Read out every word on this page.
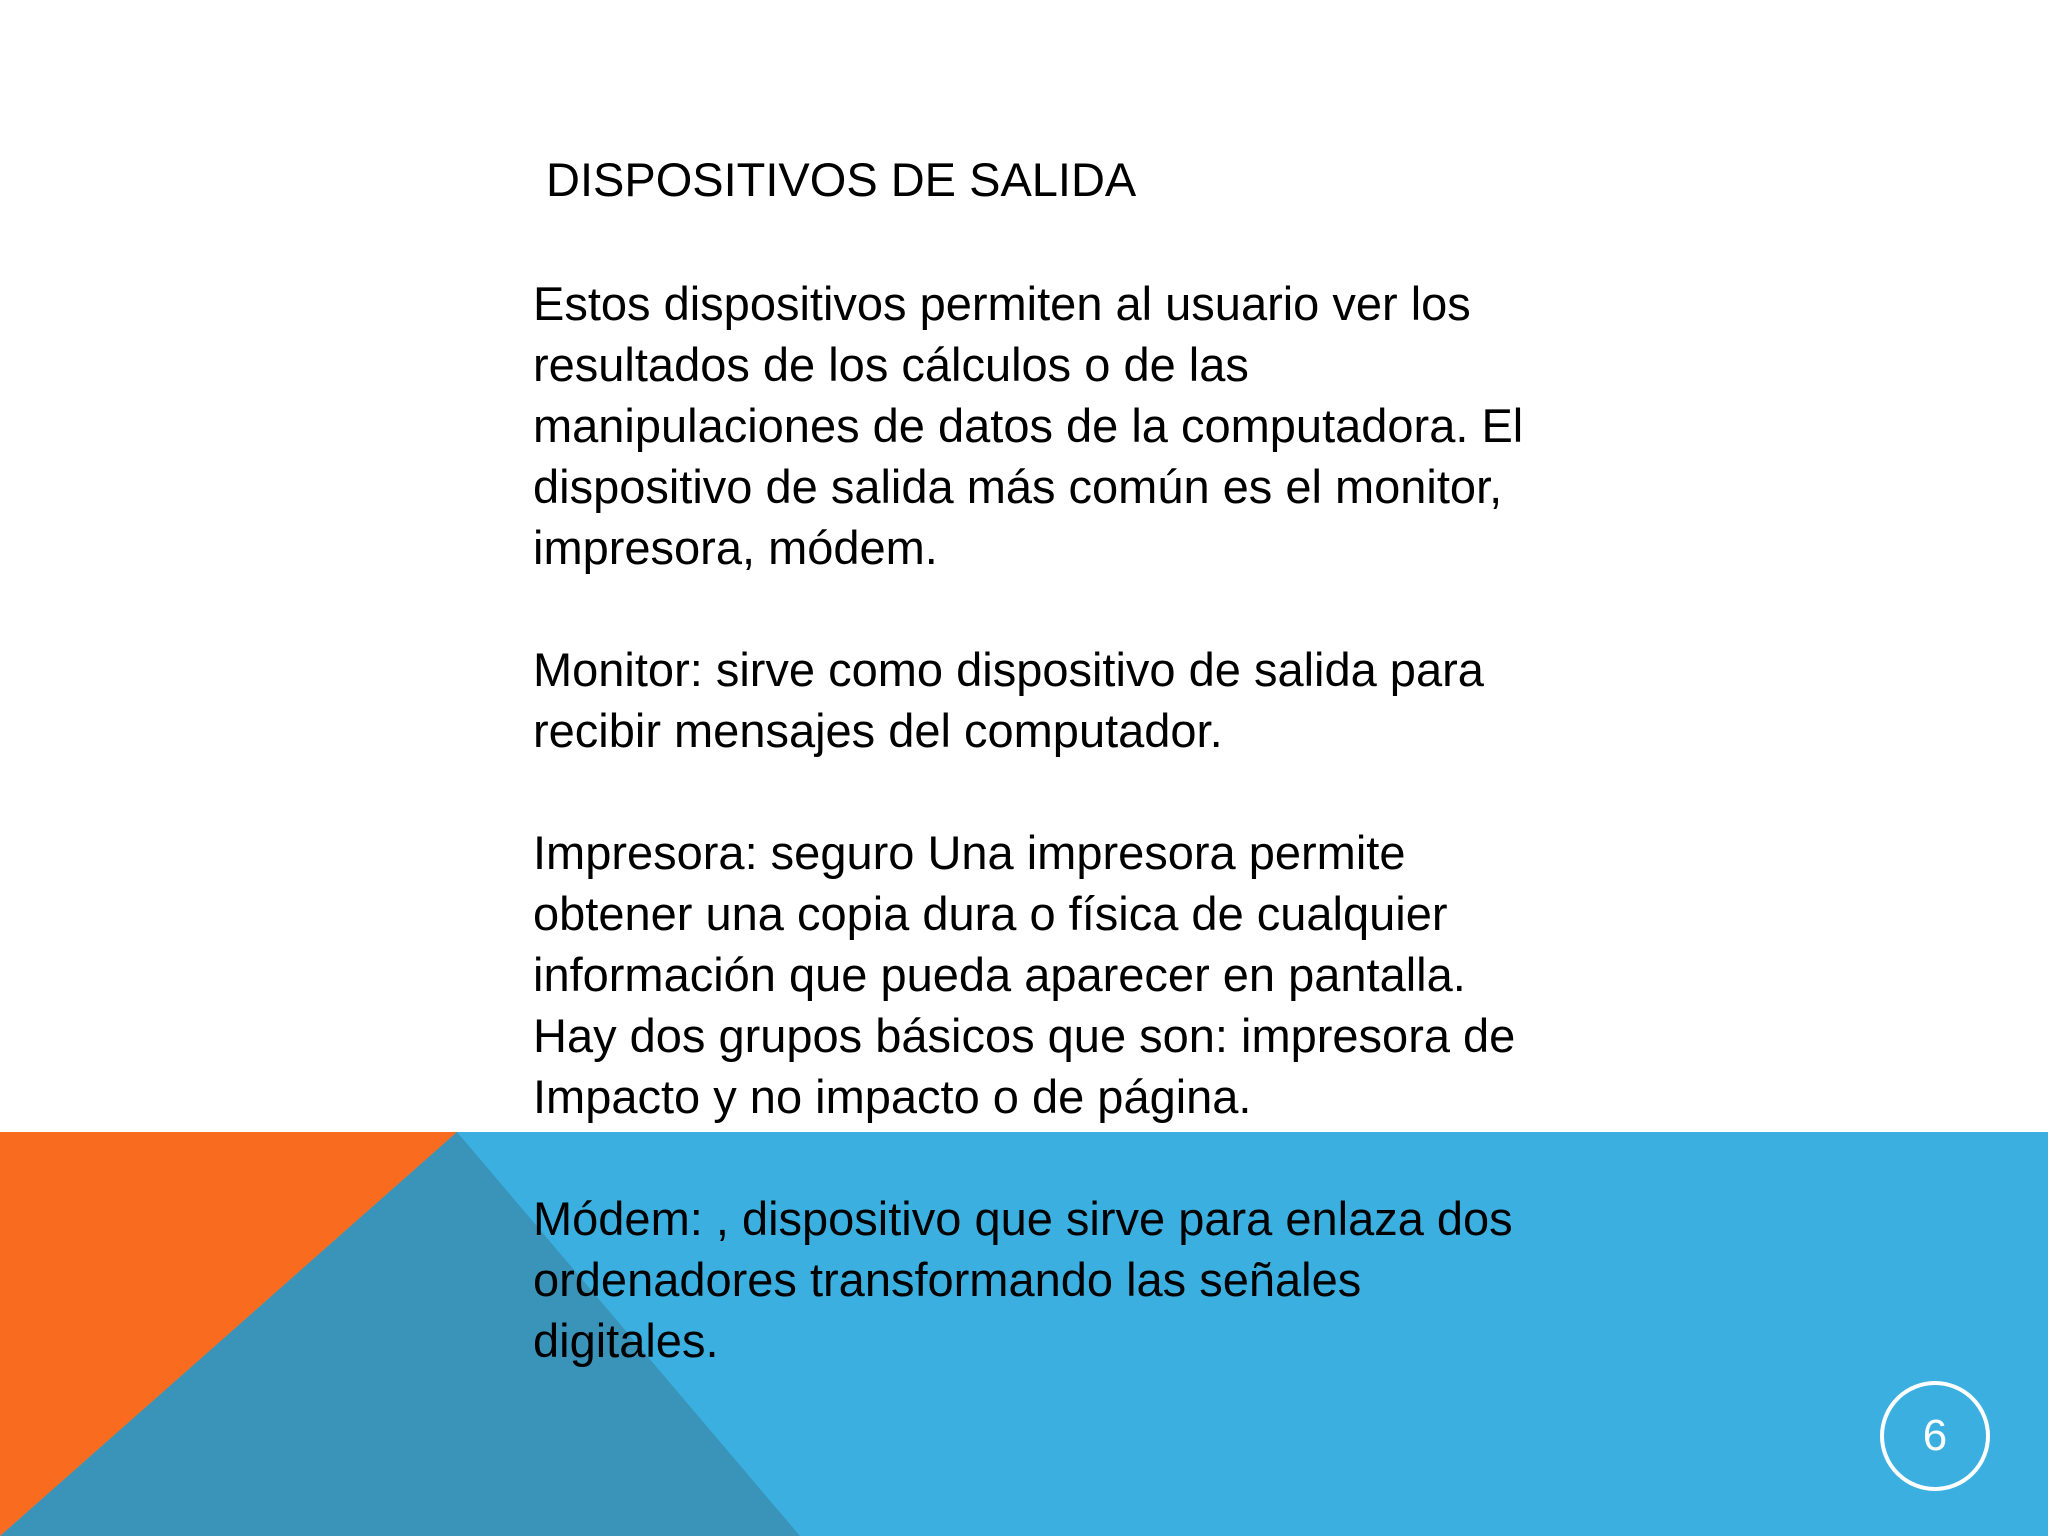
DISPOSITIVOS DE SALIDA

Estos dispositivos permiten al usuario ver los resultados de los cálculos o de las manipulaciones de datos de la computadora. El dispositivo de salida más común es el monitor, impresora, módem.

Monitor: sirve como dispositivo de salida para recibir mensajes del computador.

Impresora: seguro Una impresora permite obtener una copia dura o física de cualquier información que pueda aparecer en pantalla. Hay dos grupos básicos que son: impresora de Impacto y no impacto o de página.

Módem: , dispositivo que sirve para enlaza dos ordenadores transformando las señales digitales.

6
